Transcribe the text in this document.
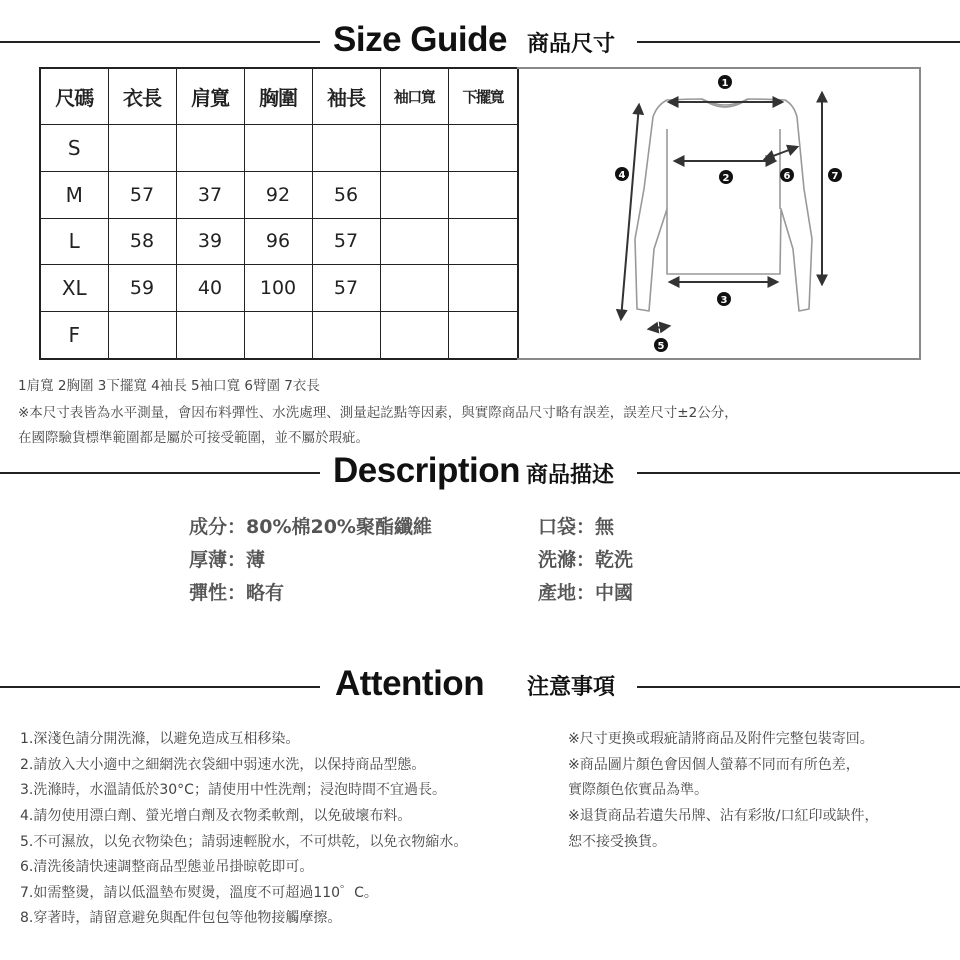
Size Guide 商品尺寸
尺碼	衣長	肩寬	胸圍	袖長	袖口寬	下擺寬
S						
M	57	37	92	56		
L	58	39	96	57		
XL	59	40	100	57		
F						
1
2
3
4
5
6	7
1肩寬 2胸圍 3下擺寬 4袖長 5袖口寬 6臂圍 7衣長
※本尺寸表皆為水平測量，會因布料彈性、水洗處理、測量起訖點等因素，與實際商品尺寸略有誤差，誤差尺寸±2公分，
在國際驗貨標準範圍都是屬於可接受範圍，並不屬於瑕疵。
Description 商品描述
成分：80%棉20%聚酯纖維
厚薄：薄
彈性：略有
口袋：無
洗滌：乾洗
產地：中國
Attention 注意事項
1.深淺色請分開洗滌，以避免造成互相移染。
2.請放入大小適中之細網洗衣袋細中弱速水洗，以保持商品型態。
3.洗滌時，水溫請低於30°C；請使用中性洗劑；浸泡時間不宜過長。
4.請勿使用漂白劑、螢光增白劑及衣物柔軟劑，以免破壞布料。
5.不可濕放，以免衣物染色；請弱速輕脫水，不可烘乾，以免衣物縮水。
6.清洗後請快速調整商品型態並吊掛晾乾即可。
7.如需整燙，請以低溫墊布熨燙，溫度不可超過110゜C。
8.穿著時，請留意避免與配件包包等他物接觸摩擦。
※尺寸更換或瑕疵請將商品及附件完整包裝寄回。
※商品圖片顏色會因個人螢幕不同而有所色差，
實際顏色依實品為準。
※退貨商品若遺失吊牌、沾有彩妝/口紅印或缺件，
恕不接受換貨。
